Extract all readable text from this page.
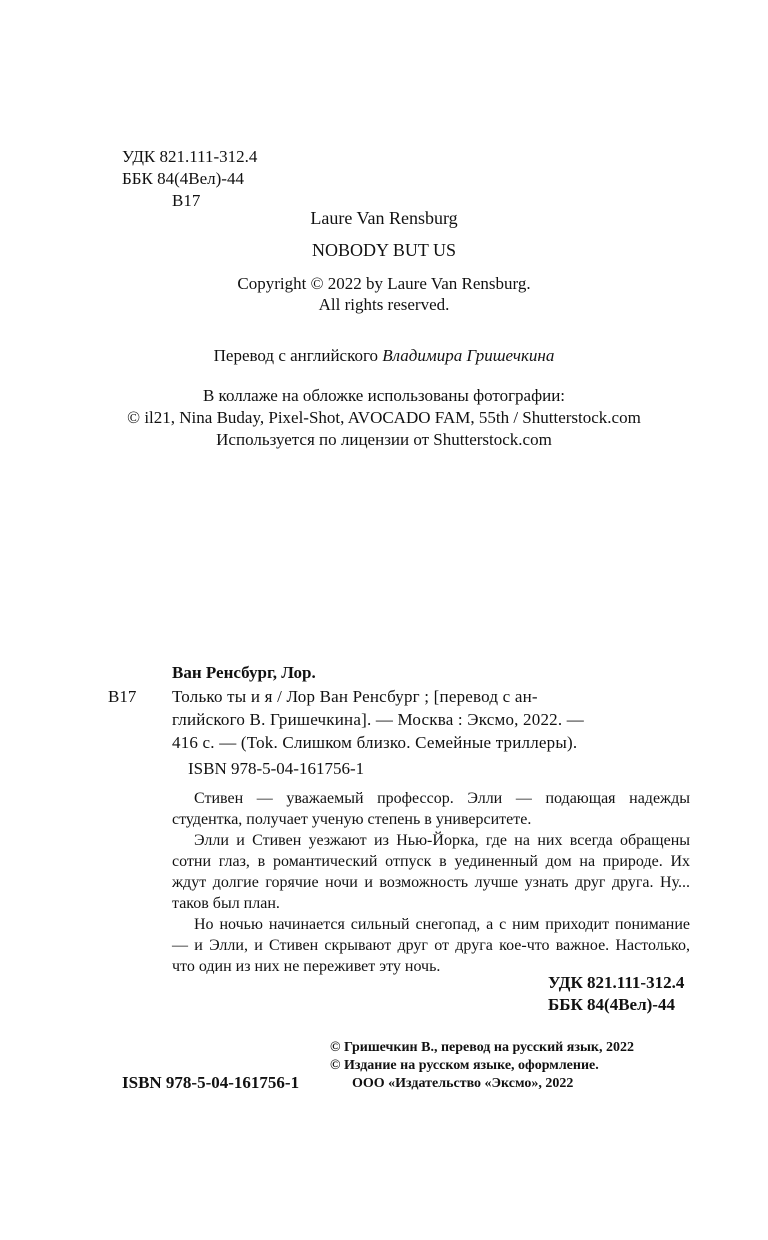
УДК 821.111-312.4
ББК 84(4Вел)-44
В17
Laure Van Rensburg
NOBODY BUT US
Copyright © 2022 by Laure Van Rensburg.
All rights reserved.
Перевод с английского Владимира Гришечкина
В коллаже на обложке использованы фотографии:
© il21, Nina Buday, Pixel-Shot, AVOCADO FAM, 55th / Shutterstock.com
Используется по лицензии от Shutterstock.com
Ван Ренсбург, Лор.
В17 Только ты и я / Лор Ван Ренсбург ; [перевод с ан-
глийского В. Гришечкина]. — Москва : Эксмо, 2022. —
416 с. — (Tok. Слишком близко. Семейные триллеры).
ISBN 978-5-04-161756-1

Стивен — уважаемый профессор. Элли — подающая надежды студентка, получает ученую степень в университете.

Элли и Стивен уезжают из Нью-Йорка, где на них всегда обращены сотни глаз, в романтический отпуск в уединенный дом на природе. Их ждут долгие горячие ночи и возможность лучше узнать друг друга. Ну... таков был план.

Но ночью начинается сильный снегопад, а с ним приходит понимание — и Элли, и Стивен скрывают друг от друга кое-что важное. Настолько, что один из них не переживет эту ночь.

УДК 821.111-312.4
ББК 84(4Вел)-44
ISBN 978-5-04-161756-1
© Гришечкин В., перевод на русский язык, 2022
© Издание на русском языке, оформление.
ООО «Издательство «Эксмо», 2022
